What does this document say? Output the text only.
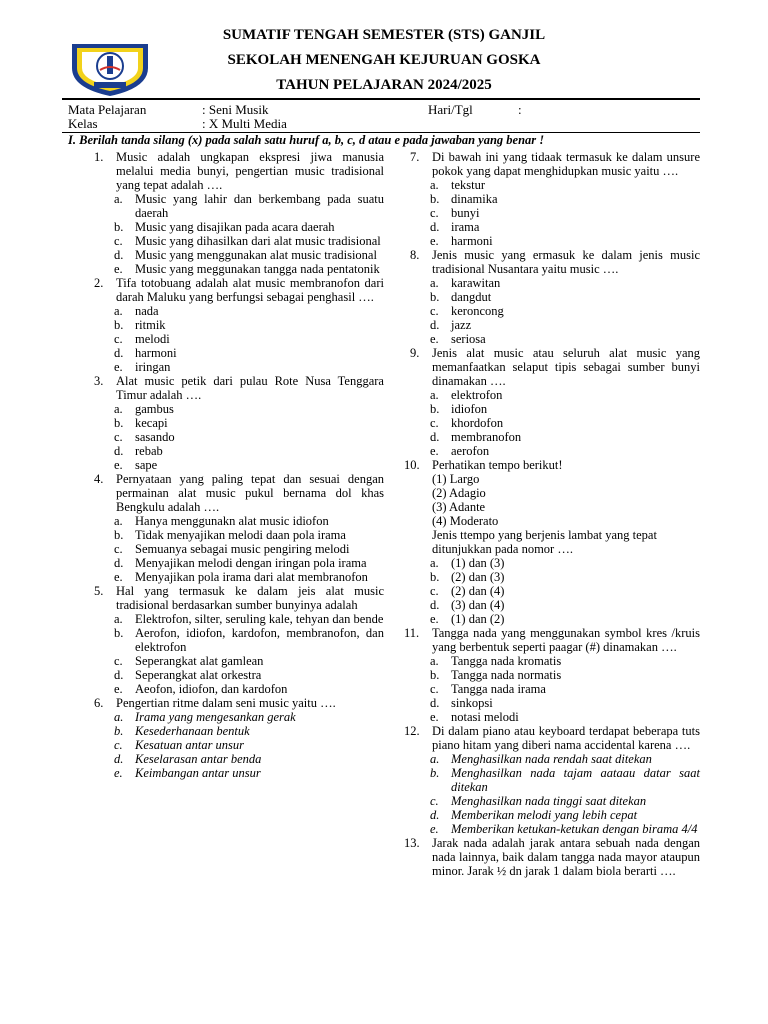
SUMATIF TENGAH SEMESTER (STS) GANJIL
SEKOLAH MENENGAH KEJURUAN GOSKA
TAHUN PELAJARAN 2024/2025
Mata Pelajaran	: Seni Musik	Hari/Tgl	:
Kelas	: X Multi Media
I. Berilah tanda silang (x) pada salah satu huruf a, b, c, d atau e pada jawaban yang benar !
1. Music adalah ungkapan ekspresi jiwa manusia melalui media bunyi, pengertian music tradisional yang tepat adalah ….
a. Music yang lahir dan berkembang pada suatu daerah
b. Music yang disajikan pada acara daerah
c. Music yang dihasilkan dari alat music tradisional
d. Music yang menggunakan alat music tradisional
e. Music yang meggunakan tangga nada pentatonik
2. Tifa totobuang adalah alat music membranofon dari darah Maluku yang berfungsi sebagai penghasil ….
a. nada
b. ritmik
c. melodi
d. harmoni
e. iringan
3. Alat music petik dari pulau Rote Nusa Tenggara Timur adalah ….
a. gambus
b. kecapi
c. sasando
d. rebab
e. sape
4. Pernyataan yang paling tepat dan sesuai dengan permainan alat music pukul bernama dol khas Bengkulu adalah ….
a. Hanya menggunakn alat music idiofon
b. Tidak menyajikan melodi daan pola irama
c. Semuanya sebagai music pengiring melodi
d. Menyajikan melodi dengan iringan pola irama
e. Menyajikan pola irama dari alat membranofon
5. Hal yang termasuk ke dalam jeis alat music tradisional berdasarkan sumber bunyinya adalah
a. Elektrofon, silter, seruling kale, tehyan dan bende
b. Aerofon, idiofon, kardofon, membranofon, dan elektrofon
c. Seperangkat alat gamlean
d. Seperangkat alat orkestra
e. Aeofon, idiofon, dan kardofon
6. Pengertian ritme dalam seni music yaitu ….
a. Irama yang mengesankan gerak
b. Kesederhanaan bentuk
c. Kesatuan antar unsur
d. Keselarasan antar benda
e. Keimbangan antar unsur
7. Di bawah ini yang tidaak termasuk ke dalam unsure pokok yang dapat menghidupkan music yaitu ….
a. tekstur
b. dinamika
c. bunyi
d. irama
e. harmoni
8. Jenis music yang ermasuk ke dalam jenis music tradisional Nusantara yaitu music ….
a. karawitan
b. dangdut
c. keroncong
d. jazz
e. seriosa
9. Jenis alat music atau seluruh alat music yang memanfaatkan selaput tipis sebagai sumber bunyi dinamakan ….
a. elektrofon
b. idiofon
c. khordofon
d. membranofon
e. aerofon
10. Perhatikan tempo berikut!
(1) Largo
(2) Adagio
(3) Adante
(4) Moderato
Jenis ttempo yang berjenis lambat yang tepat ditunjukkan pada nomor ….
a. (1) dan (3)
b. (2) dan (3)
c. (2) dan (4)
d. (3) dan (4)
e. (1) dan (2)
11. Tangga nada yang menggunakan symbol kres /kruis yang berbentuk seperti paagar (#) dinamakan ….
a. Tangga nada kromatis
b. Tangga nada normatis
c. Tangga nada irama
d. sinkopsi
e. notasi melodi
12. Di dalam piano atau keyboard terdapat beberapa tuts piano hitam yang diberi nama accidental karena ….
a. Menghasilkan nada rendah saat ditekan
b. Menghasilkan nada tajam aataau datar saat ditekan
c. Menghasilkan nada tinggi saat ditekan
d. Memberikan melodi yang lebih cepat
e. Memberikan ketukan-ketukan dengan birama 4/4
13. Jarak nada adalah jarak antara sebuah nada dengan nada lainnya, baik dalam tangga nada mayor ataupun minor. Jarak ½ dn jarak 1 dalam biola berarti ….
